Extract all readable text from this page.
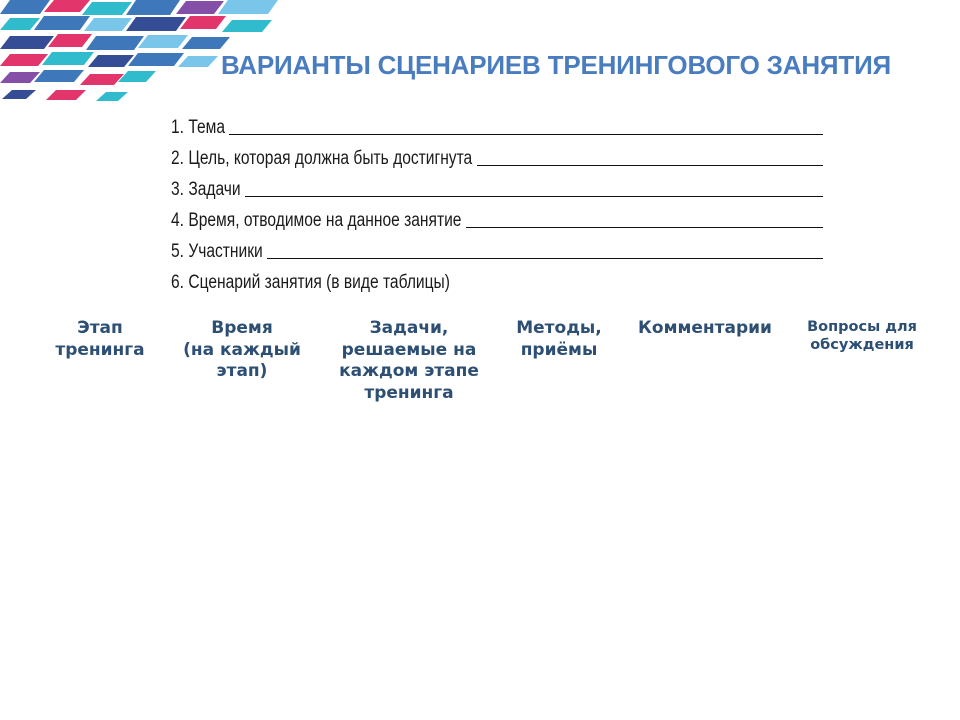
ВАРИАНТЫ СЦЕНАРИЕВ ТРЕНИНГОВОГО ЗАНЯТИЯ
1. Тема
2. Цель, которая должна быть достигнута
3. Задачи
4. Время, отводимое на данное занятие
5. Участники
6. Сценарий занятия (в виде таблицы)
Этап
тренинга
Время
(на каждый
этап)
Задачи,
решаемые на
каждом этапе
тренинга
Методы,
приёмы
Комментарии	Вопросы для
обсуждения
